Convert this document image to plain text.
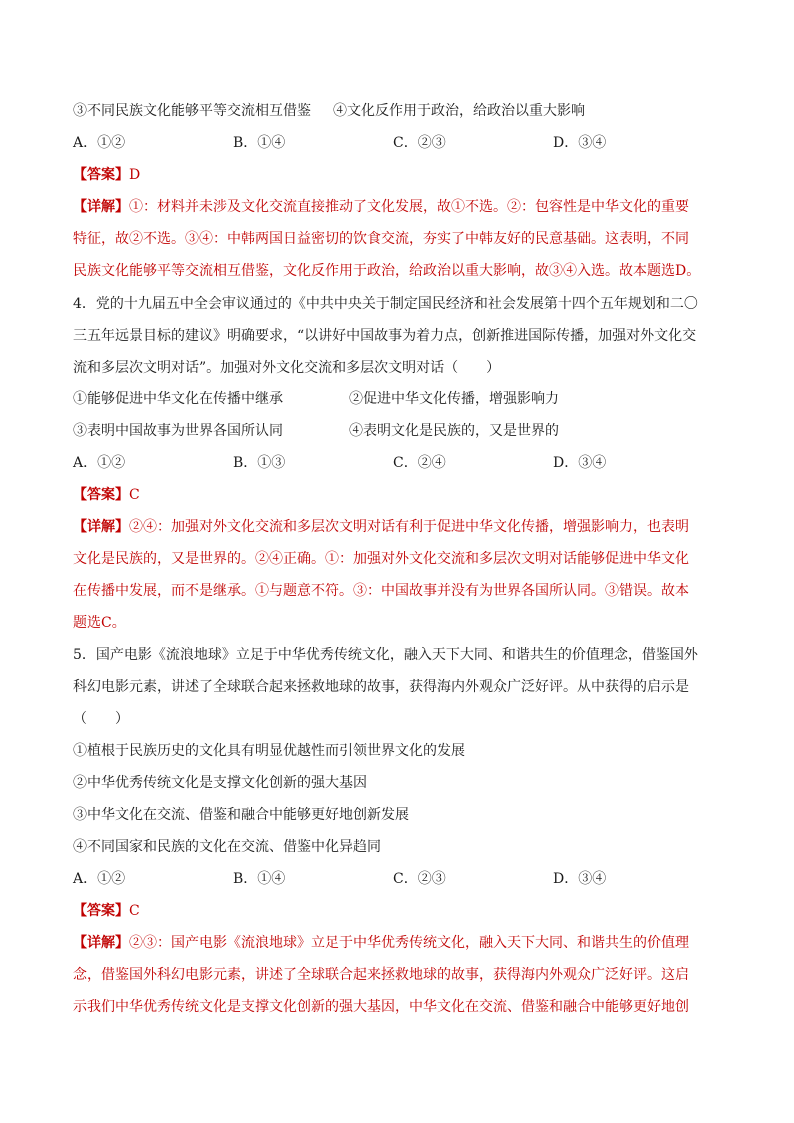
③不同民族文化能够平等交流相互借鉴 ④文化反作用于政治，给政治以重大影响
A．①②	B．①④	C．②③	D．③④
【答案】D
【详解】①：材料并未涉及文化交流直接推动了文化发展，故①不选。②：包容性是中华文化的重要
特征，故②不选。③④：中韩两国日益密切的饮食交流，夯实了中韩友好的民意基础。这表明，不同
民族文化能够平等交流相互借鉴，文化反作用于政治，给政治以重大影响，故③④入选。故本题选D。
4．党的十九届五中全会审议通过的《中共中央关于制定国民经济和社会发展第十四个五年规划和二〇
三五年远景目标的建议》明确要求，“以讲好中国故事为着力点，创新推进国际传播，加强对外文化交
流和多层次文明对话”。加强对外文化交流和多层次文明对话（　　）
①能够促进中华文化在传播中继承	②促进中华文化传播，增强影响力
③表明中国故事为世界各国所认同	④表明文化是民族的，又是世界的
A．①②	B．①③	C．②④	D．③④
【答案】C
【详解】②④：加强对外文化交流和多层次文明对话有利于促进中华文化传播，增强影响力，也表明
文化是民族的，又是世界的。②④正确。①：加强对外文化交流和多层次文明对话能够促进中华文化
在传播中发展，而不是继承。①与题意不符。③：中国故事并没有为世界各国所认同。③错误。故本
题选C。
5．国产电影《流浪地球》立足于中华优秀传统文化，融入天下大同、和谐共生的价值理念，借鉴国外
科幻电影元素，讲述了全球联合起来拯救地球的故事，获得海内外观众广泛好评。从中获得的启示是
（　　）
①植根于民族历史的文化具有明显优越性而引领世界文化的发展
②中华优秀传统文化是支撑文化创新的强大基因
③中华文化在交流、借鉴和融合中能够更好地创新发展
④不同国家和民族的文化在交流、借鉴中化异趋同
A．①②	B．①④	C．②③	D．③④
【答案】C
【详解】②③：国产电影《流浪地球》立足于中华优秀传统文化，融入天下大同、和谐共生的价值理
念，借鉴国外科幻电影元素，讲述了全球联合起来拯救地球的故事，获得海内外观众广泛好评。这启
示我们中华优秀传统文化是支撑文化创新的强大基因，中华文化在交流、借鉴和融合中能够更好地创
